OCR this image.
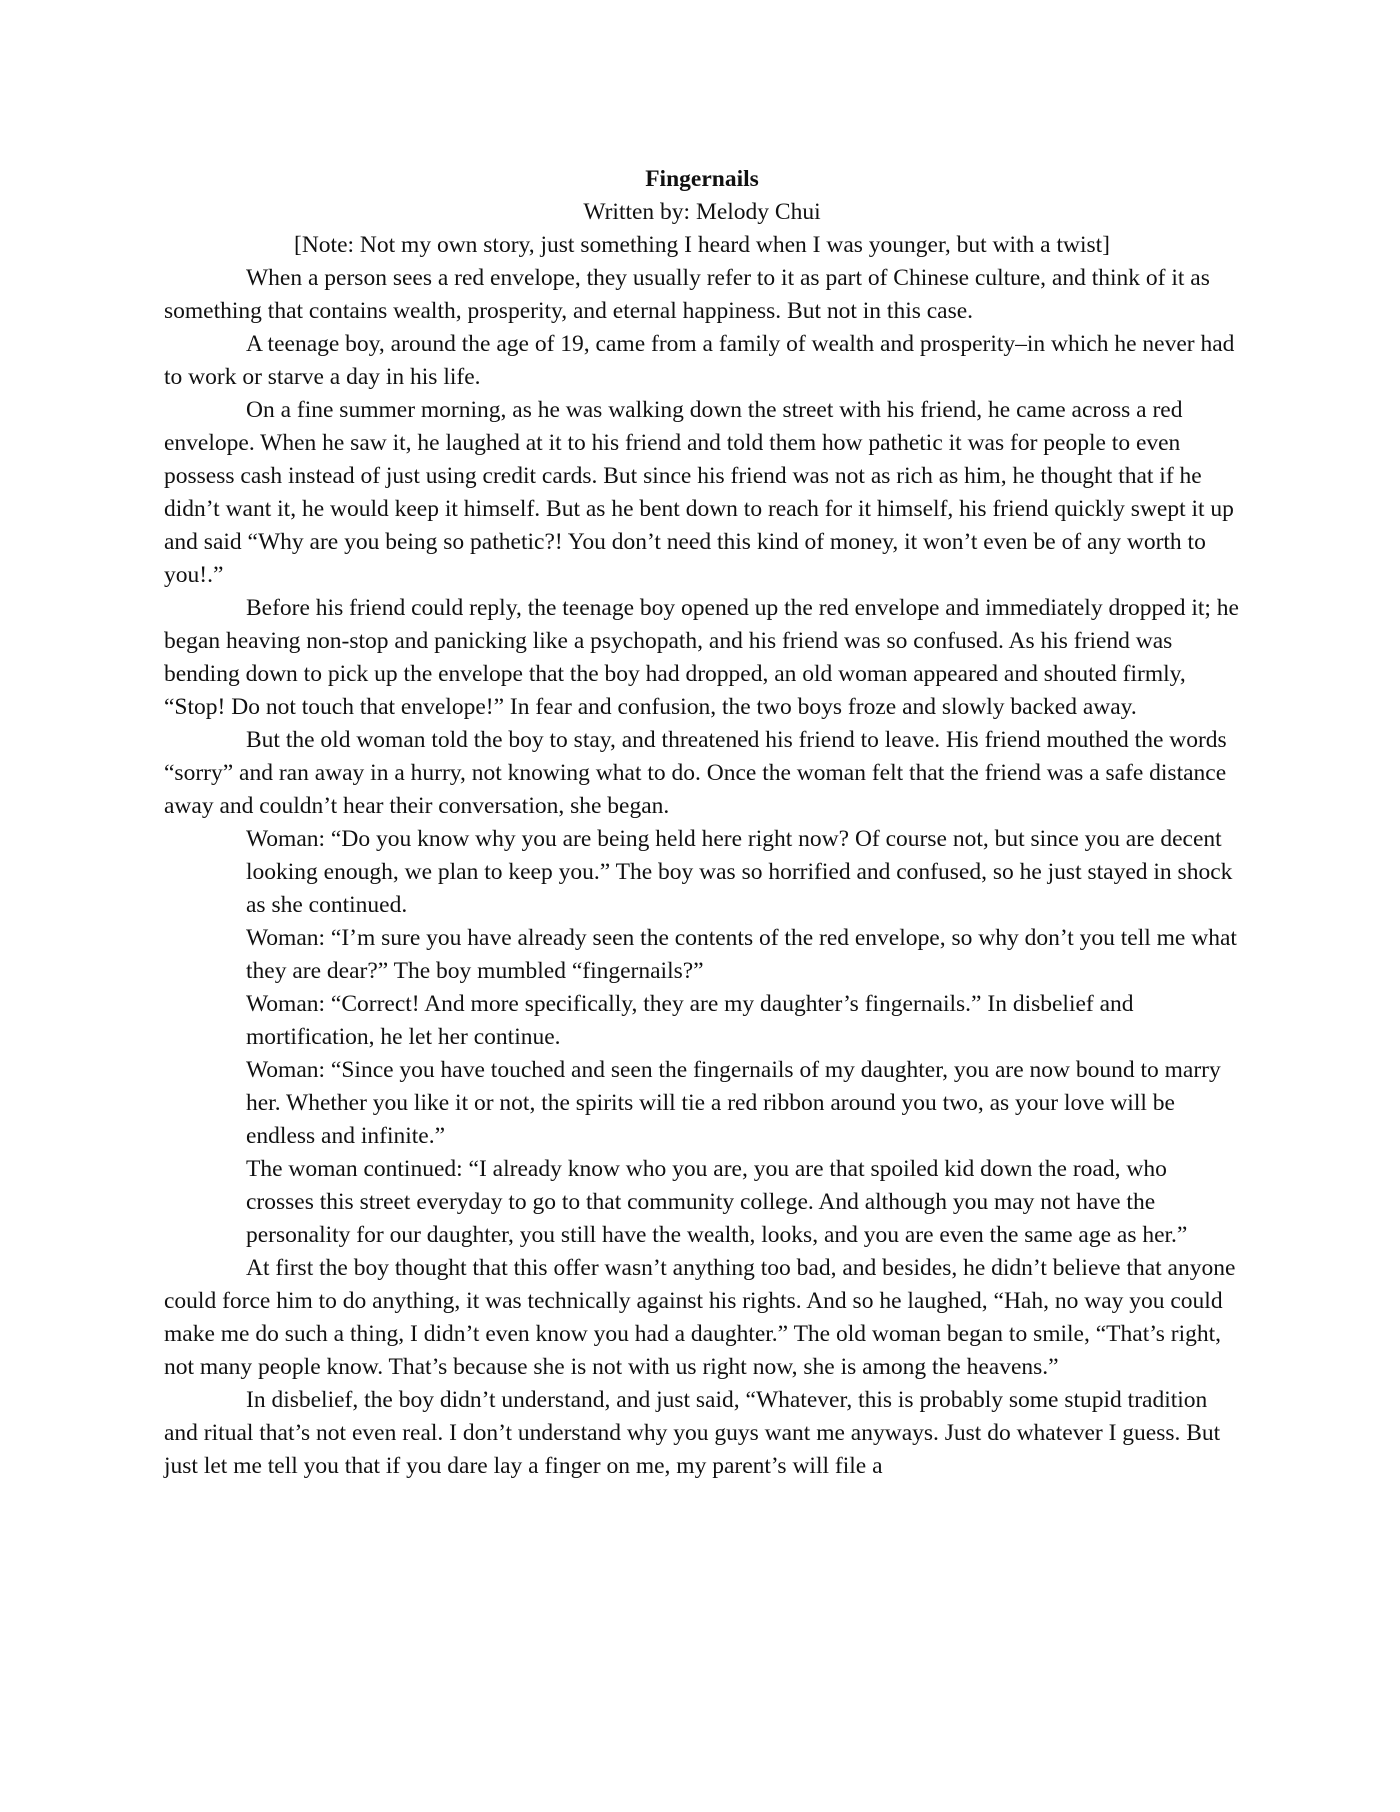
Fingernails

Written by: Melody Chui

[Note: Not my own story, just something I heard when I was younger, but with a twist]

When a person sees a red envelope, they usually refer to it as part of Chinese culture, and think of it as something that contains wealth, prosperity, and eternal happiness. But not in this case.

A teenage boy, around the age of 19, came from a family of wealth and prosperity–in which he never had to work or starve a day in his life.

On a fine summer morning, as he was walking down the street with his friend, he came across a red envelope. When he saw it, he laughed at it to his friend and told them how pathetic it was for people to even possess cash instead of just using credit cards. But since his friend was not as rich as him, he thought that if he didn’t want it, he would keep it himself. But as he bent down to reach for it himself, his friend quickly swept it up and said “Why are you being so pathetic?! You don’t need this kind of money, it won’t even be of any worth to you!.”

Before his friend could reply, the teenage boy opened up the red envelope and immediately dropped it; he began heaving non-stop and panicking like a psychopath, and his friend was so confused. As his friend was bending down to pick up the envelope that the boy had dropped, an old woman appeared and shouted firmly, “Stop! Do not touch that envelope!” In fear and confusion, the two boys froze and slowly backed away.

But the old woman told the boy to stay, and threatened his friend to leave. His friend mouthed the words “sorry” and ran away in a hurry, not knowing what to do. Once the woman felt that the friend was a safe distance away and couldn’t hear their conversation, she began.

Woman: “Do you know why you are being held here right now? Of course not, but since you are decent looking enough, we plan to keep you.” The boy was so horrified and confused, so he just stayed in shock as she continued.

Woman: “I’m sure you have already seen the contents of the red envelope, so why don’t you tell me what they are dear?” The boy mumbled “fingernails?”

Woman: “Correct! And more specifically, they are my daughter’s fingernails.” In disbelief and mortification, he let her continue.

Woman: “Since you have touched and seen the fingernails of my daughter, you are now bound to marry her. Whether you like it or not, the spirits will tie a red ribbon around you two, as your love will be endless and infinite.”

The woman continued: “I already know who you are, you are that spoiled kid down the road, who crosses this street everyday to go to that community college. And although you may not have the personality for our daughter, you still have the wealth, looks, and you are even the same age as her.”

At first the boy thought that this offer wasn’t anything too bad, and besides, he didn’t believe that anyone could force him to do anything, it was technically against his rights. And so he laughed, “Hah, no way you could make me do such a thing, I didn’t even know you had a daughter.” The old woman began to smile, “That’s right, not many people know. That’s because she is not with us right now, she is among the heavens.”

In disbelief, the boy didn’t understand, and just said, “Whatever, this is probably some stupid tradition and ritual that’s not even real. I don’t understand why you guys want me anyways. Just do whatever I guess. But just let me tell you that if you dare lay a finger on me, my parent’s will file a
